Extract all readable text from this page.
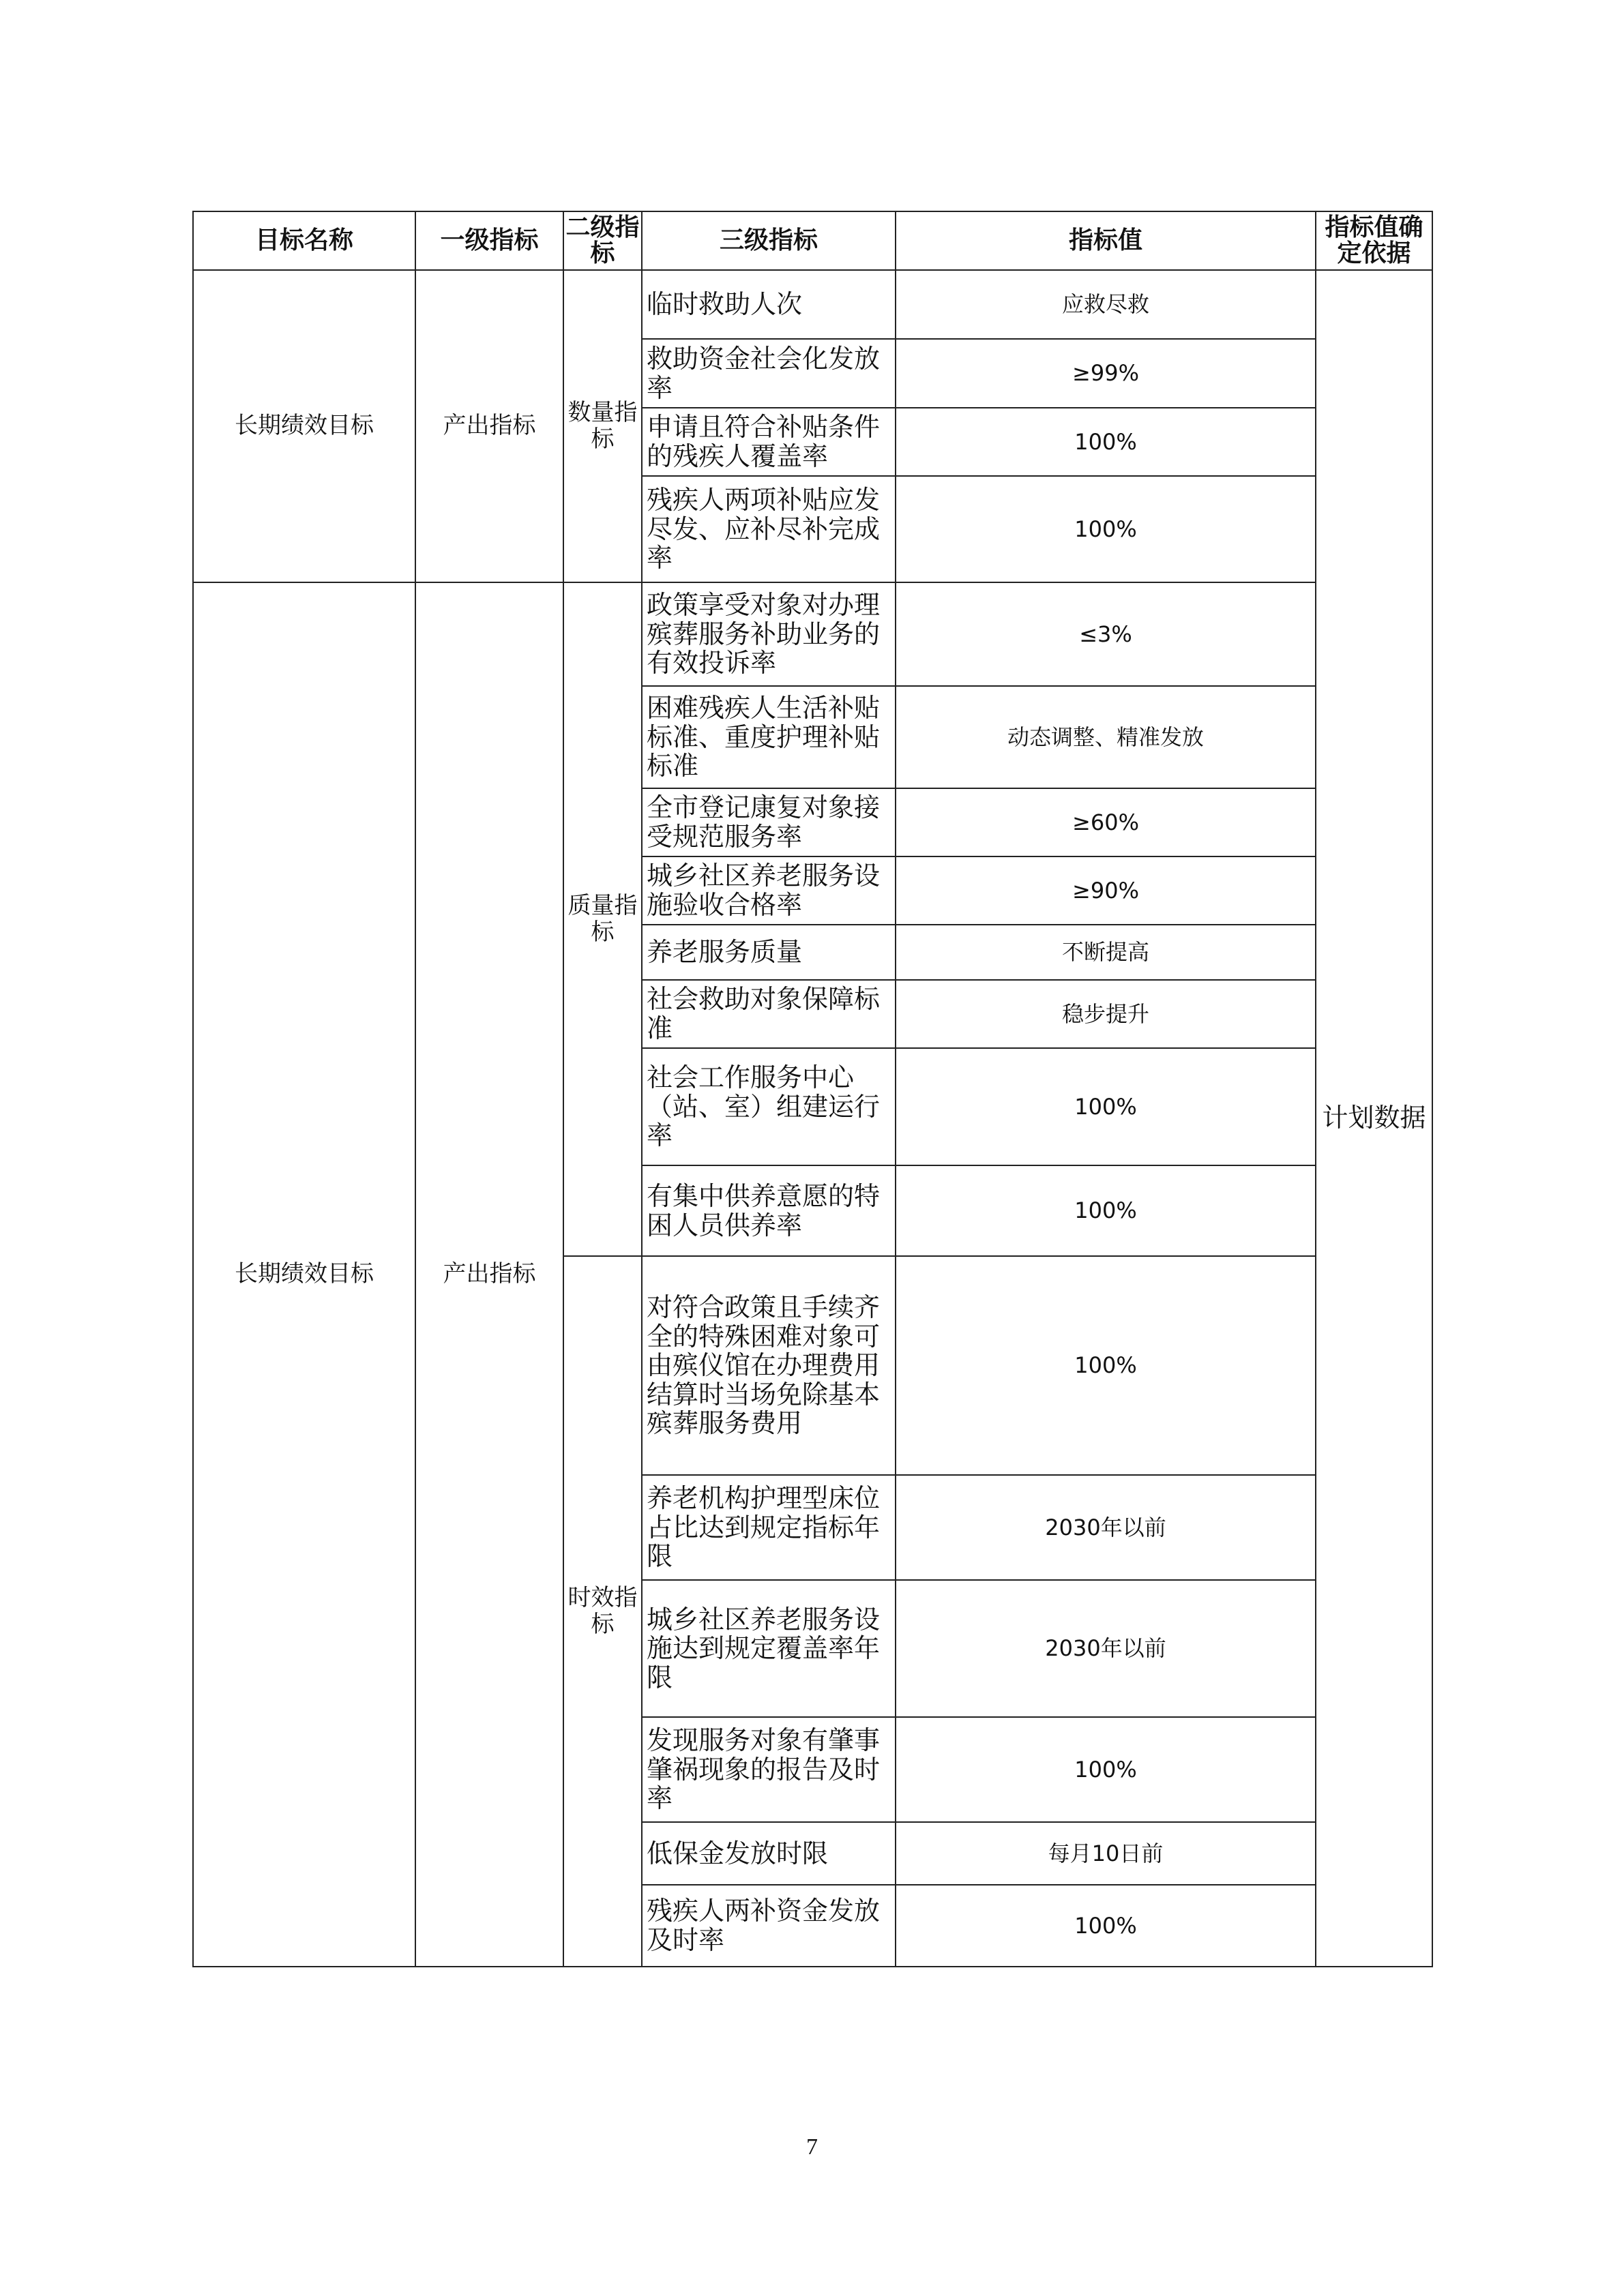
目标名称	一级指标	二级指标	三级指标	指标值	指标值确定依据
长期绩效目标	产出指标	数量指标	临时救助人次	应救尽救	计划数据
			救助资金社会化发放率	≥99%	
			申请且符合补贴条件的残疾人覆盖率	100%	
			残疾人两项补贴应发尽发、应补尽补完成率	100%	
长期绩效目标	产出指标	质量指标	政策享受对象对办理殡葬服务补助业务的有效投诉率	≤3%	
			困难残疾人生活补贴标准、重度护理补贴标准	动态调整、精准发放	
			全市登记康复对象接受规范服务率	≥60%	
			城乡社区养老服务设施验收合格率	≥90%	
			养老服务质量	不断提高	
			社会救助对象保障标准	稳步提升	
			社会工作服务中心（站、室）组建运行率	100%	
			有集中供养意愿的特困人员供养率	100%	
		时效指标	对符合政策且手续齐全的特殊困难对象可由殡仪馆在办理费用结算时当场免除基本殡葬服务费用	100%	
			养老机构护理型床位占比达到规定指标年限	2030年以前	
			城乡社区养老服务设施达到规定覆盖率年限	2030年以前	
			发现服务对象有肇事肇祸现象的报告及时率	100%	
			低保金发放时限	每月10日前	
			残疾人两补资金发放及时率	100%	
7
